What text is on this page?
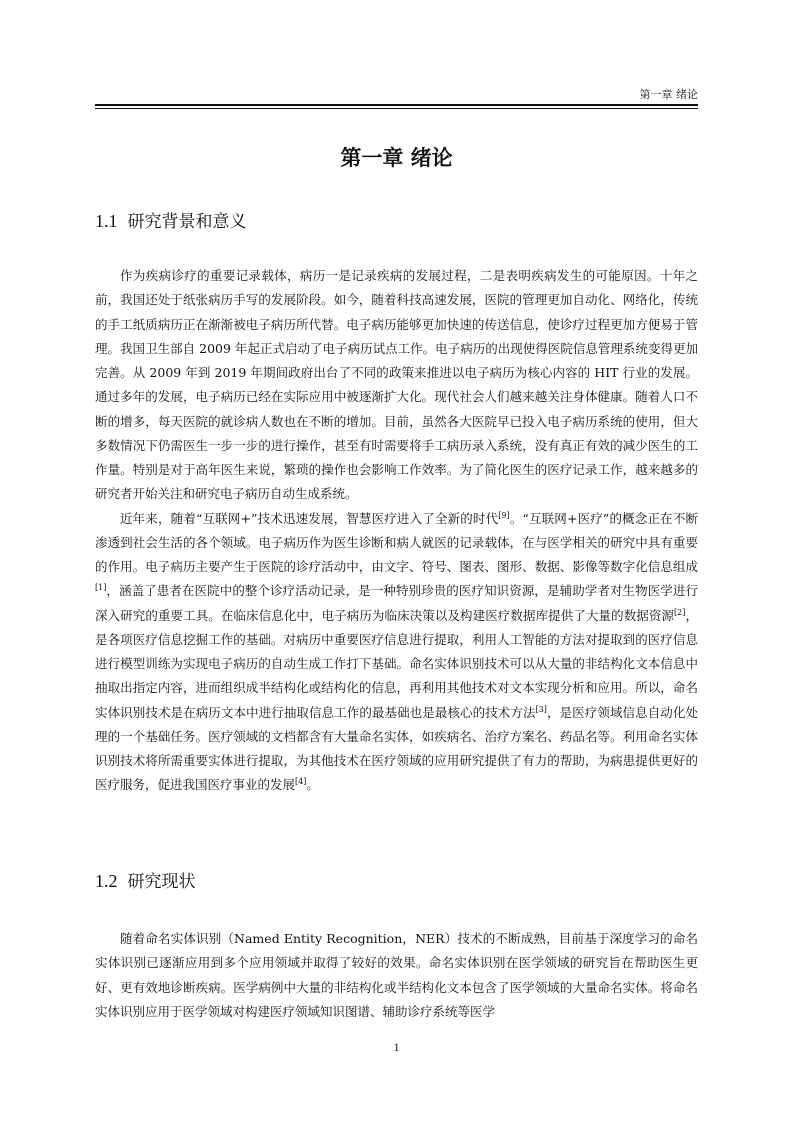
第一章 绪论
第一章 绪论
1.1 研究背景和意义

作为疾病诊疗的重要记录载体，病历一是记录疾病的发展过程，二是表明疾病发生的可能原因。十年之前，我国还处于纸张病历手写的发展阶段。如今，随着科技高速发展，医院的管理更加自动化、网络化，传统的手工纸质病历正在渐渐被电子病历所代替。电子病历能够更加快速的传送信息，使诊疗过程更加方便易于管理。我国卫生部自 2009 年起正式启动了电子病历试点工作。电子病历的出现使得医院信息管理系统变得更加完善。从 2009 年到 2019 年期间政府出台了不同的政策来推进以电子病历为核心内容的 HIT 行业的发展。通过多年的发展，电子病历已经在实际应用中被逐渐扩大化。现代社会人们越来越关注身体健康。随着人口不断的增多，每天医院的就诊病人数也在不断的增加。目前，虽然各大医院早已投入电子病历系统的使用，但大多数情况下仍需医生一步一步的进行操作，甚至有时需要将手工病历录入系统，没有真正有效的减少医生的工作量。特别是对于高年医生来说，繁琐的操作也会影响工作效率。为了简化医生的医疗记录工作，越来越多的研究者开始关注和研究电子病历自动生成系统。

近年来，随着“互联网+”技术迅速发展，智慧医疗进入了全新的时代[9]。“互联网+医疗”的概念正在不断渗透到社会生活的各个领域。电子病历作为医生诊断和病人就医的记录载体，在与医学相关的研究中具有重要的作用。电子病历主要产生于医院的诊疗活动中，由文字、符号、图表、图形、数据、影像等数字化信息组成[1]，涵盖了患者在医院中的整个诊疗活动记录，是一种特别珍贵的医疗知识资源，是辅助学者对生物医学进行深入研究的重要工具。在临床信息化中，电子病历为临床决策以及构建医疗数据库提供了大量的数据资源[2]，是各项医疗信息挖掘工作的基础。对病历中重要医疗信息进行提取，利用人工智能的方法对提取到的医疗信息进行模型训练为实现电子病历的自动生成工作打下基础。命名实体识别技术可以从大量的非结构化文本信息中抽取出指定内容，进而组织成半结构化或结构化的信息，再利用其他技术对文本实现分析和应用。所以，命名实体识别技术是在病历文本中进行抽取信息工作的最基础也是最核心的技术方法[3]，是医疗领域信息自动化处理的一个基础任务。医疗领域的文档都含有大量命名实体，如疾病名、治疗方案名、药品名等。利用命名实体识别技术将所需重要实体进行提取，为其他技术在医疗领域的应用研究提供了有力的帮助，为病患提供更好的医疗服务，促进我国医疗事业的发展[4]。

1.2 研究现状

随着命名实体识别（Named Entity Recognition，NER）技术的不断成熟，目前基于深度学习的命名实体识别已逐渐应用到多个应用领域并取得了较好的效果。命名实体识别在医学领域的研究旨在帮助医生更好、更有效地诊断疾病。医学病例中大量的非结构化或半结构化文本包含了医学领域的大量命名实体。将命名实体识别应用于医学领域对构建医疗领域知识图谱、辅助诊疗系统等医学

1
